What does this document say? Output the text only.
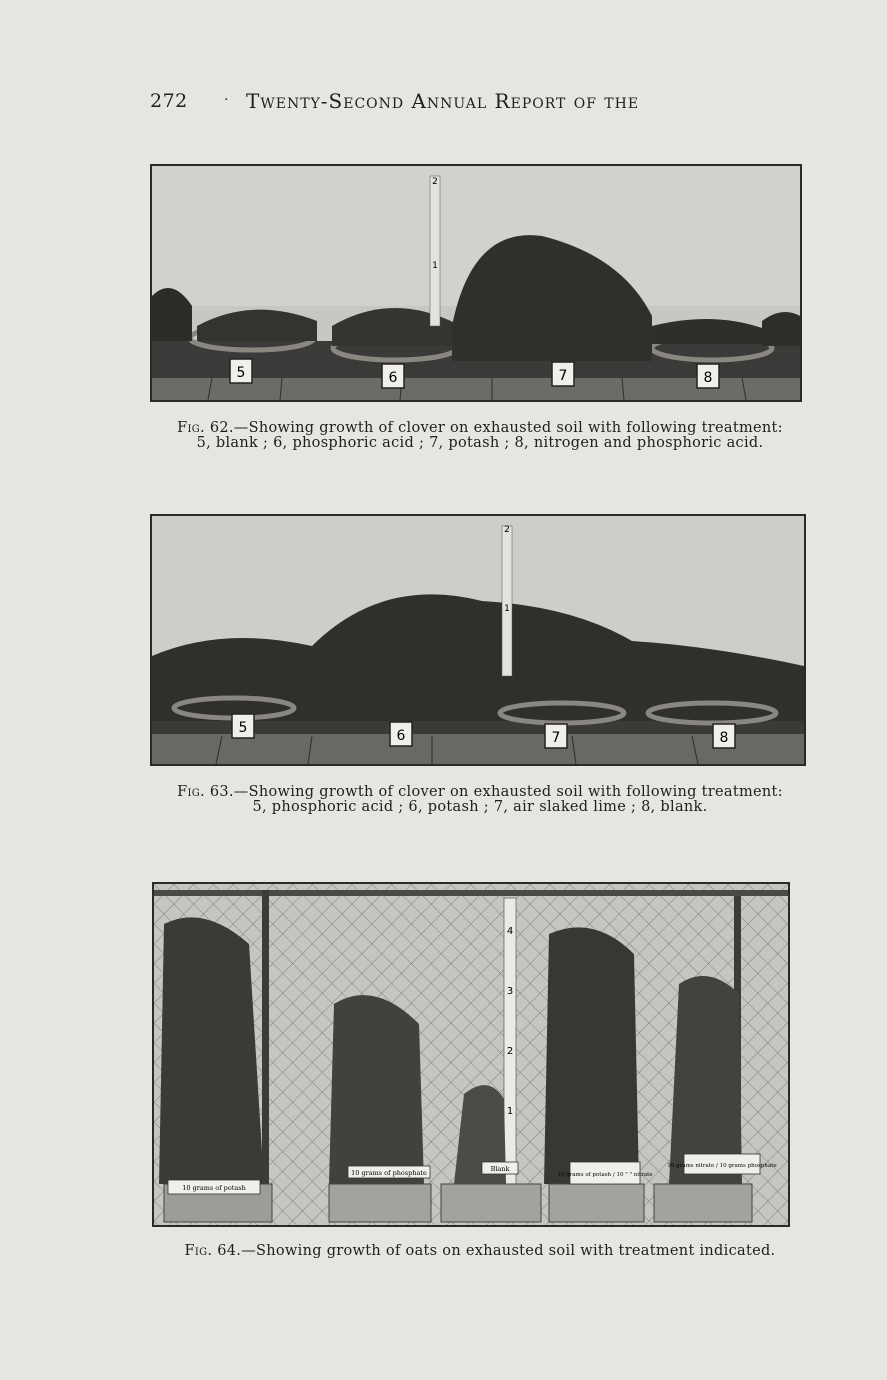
272	· Twenty-Second Annual Report of the
5	6	7	8
2
1
Fig. 62.—Showing growth of clover on exhausted soil with following treatment:
5, blank ; 6, phosphoric acid ; 7, potash ; 8, nitrogen and phosphoric acid.
5	6	7	8
2
1
Fig. 63.—Showing growth of clover on exhausted soil with following treatment:
5, phosphoric acid ; 6, potash ; 7, air slaked lime ; 8, blank.
10 grams of potash
10 grams of phosphate	Blank
10 grams of potash / 10 " " nitrate
10 grams nitrate / 10 grams phosphate
4
3
2
1
Fig. 64.—Showing growth of oats on exhausted soil with treatment indicated.
